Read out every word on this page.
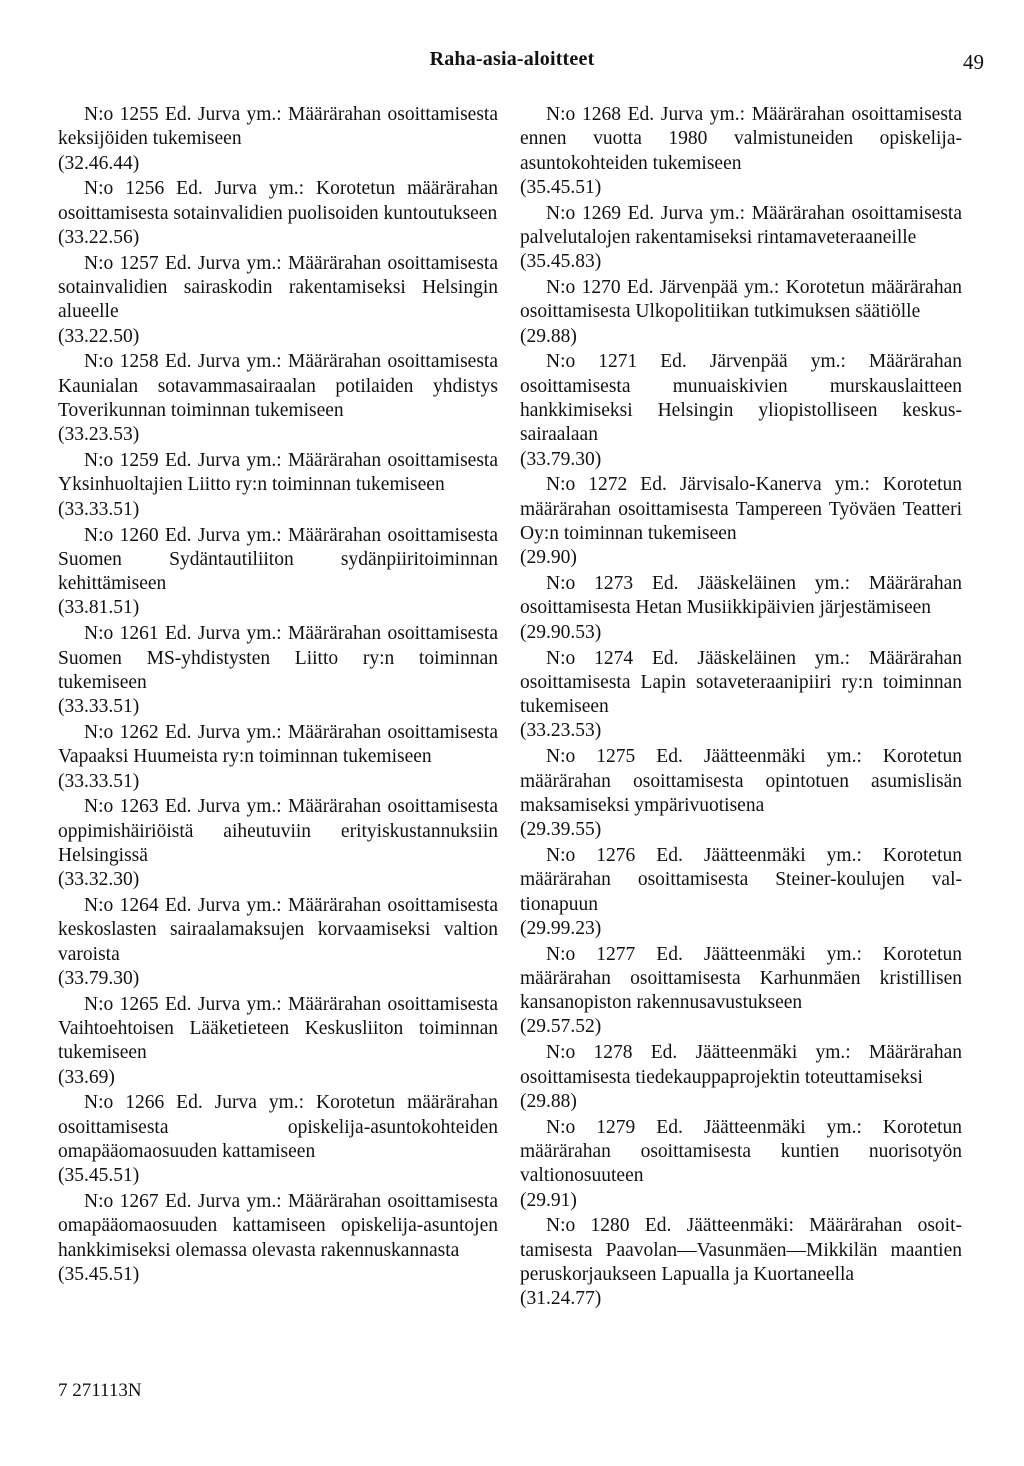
Raha-asia-aloitteet	49
N:o 1255 Ed. Jurva ym.: Määrärahan osoittamisesta keksijöiden tukemiseen
(32.46.44)
N:o 1256 Ed. Jurva ym.: Korotetun määrärahan osoittamisesta sotainvalidien puolisoiden kuntoutukseen
(33.22.56)
N:o 1257 Ed. Jurva ym.: Määrärahan osoittamisesta sotainvalidien sairaskodin rakentamiseksi Helsingin alueelle
(33.22.50)
N:o 1258 Ed. Jurva ym.: Määrärahan osoittamisesta Kaunialan sotavammasairaalan potilaiden yhdistys Toverikunnan toiminnan tukemiseen
(33.23.53)
N:o 1259 Ed. Jurva ym.: Määrärahan osoittamisesta Yksinhuoltajien Liitto ry:n toiminnan tukemiseen
(33.33.51)
N:o 1260 Ed. Jurva ym.: Määrärahan osoittamisesta Suomen Sydäntautiliiton sydänpiiritoiminnan kehittämiseen
(33.81.51)
N:o 1261 Ed. Jurva ym.: Määrärahan osoittamisesta Suomen MS-yhdistysten Liitto ry:n toiminnan tukemiseen
(33.33.51)
N:o 1262 Ed. Jurva ym.: Määrärahan osoittamisesta Vapaaksi Huumeista ry:n toiminnan tukemiseen
(33.33.51)
N:o 1263 Ed. Jurva ym.: Määrärahan osoittamisesta oppimishäiriöistä aiheutuviin erityiskustannuksiin Helsingissä
(33.32.30)
N:o 1264 Ed. Jurva ym.: Määrärahan osoittamisesta keskoslasten sairaalamaksujen korvaamiseksi valtion varoista
(33.79.30)
N:o 1265 Ed. Jurva ym.: Määrärahan osoittamisesta Vaihtoehtoisen Lääketieteen Keskusliiton toiminnan tukemiseen
(33.69)
N:o 1266 Ed. Jurva ym.: Korotetun määrärahan osoittamisesta opiskelija-asuntokohteiden omapääomaosuuden kattamiseen
(35.45.51)
N:o 1267 Ed. Jurva ym.: Määrärahan osoittamisesta omapääomaosuuden kattamiseen opiskelija-asuntojen hankkimiseksi olemassa olevasta rakennuskannasta
(35.45.51)
N:o 1268 Ed. Jurva ym.: Määrärahan osoittamisesta ennen vuotta 1980 valmistuneiden opiskelija-asuntokohteiden tukemiseen
(35.45.51)
N:o 1269 Ed. Jurva ym.: Määrärahan osoittamisesta palvelutalojen rakentamiseksi rintamaveteraaneille
(35.45.83)
N:o 1270 Ed. Järvenpää ym.: Korotetun määrärahan osoittamisesta Ulkopolitiikan tutkimuksen säätiölle
(29.88)
N:o 1271 Ed. Järvenpää ym.: Määrärahan osoittamisesta munuaiskivien murskauslaitteen hankkimiseksi Helsingin yliopistolliseen keskussairaalaan
(33.79.30)
N:o 1272 Ed. Järvisalo-Kanerva ym.: Korotetun määrärahan osoittamisesta Tampereen Työväen Teatteri Oy:n toiminnan tukemiseen
(29.90)
N:o 1273 Ed. Jääskeläinen ym.: Määrärahan osoittamisesta Hetan Musiikkipäivien järjestämiseen
(29.90.53)
N:o 1274 Ed. Jääskeläinen ym.: Määrärahan osoittamisesta Lapin sotaveteraanipiiri ry:n toiminnan tukemiseen
(33.23.53)
N:o 1275 Ed. Jäätteenmäki ym.: Korotetun määrärahan osoittamisesta opintotuen asumislisän maksamiseksi ympärivuotisena
(29.39.55)
N:o 1276 Ed. Jäätteenmäki ym.: Korotetun määrärahan osoittamisesta Steiner-koulujen valtionapuun
(29.99.23)
N:o 1277 Ed. Jäätteenmäki ym.: Korotetun määrärahan osoittamisesta Karhunmäen kristillisen kansanopiston rakennusavustukseen
(29.57.52)
N:o 1278 Ed. Jäätteenmäki ym.: Määrärahan osoittamisesta tiedekauppaprojektin toteuttamiseksi
(29.88)
N:o 1279 Ed. Jäätteenmäki ym.: Korotetun määrärahan osoittamisesta kuntien nuorisotyön valtionosuuteen
(29.91)
N:o 1280 Ed. Jäätteenmäki: Määrärahan osoittamisesta Paavolan—Vasunmäen—Mikkilän maantien peruskorjaukseen Lapualla ja Kuortaneella
(31.24.77)
7 271113N
